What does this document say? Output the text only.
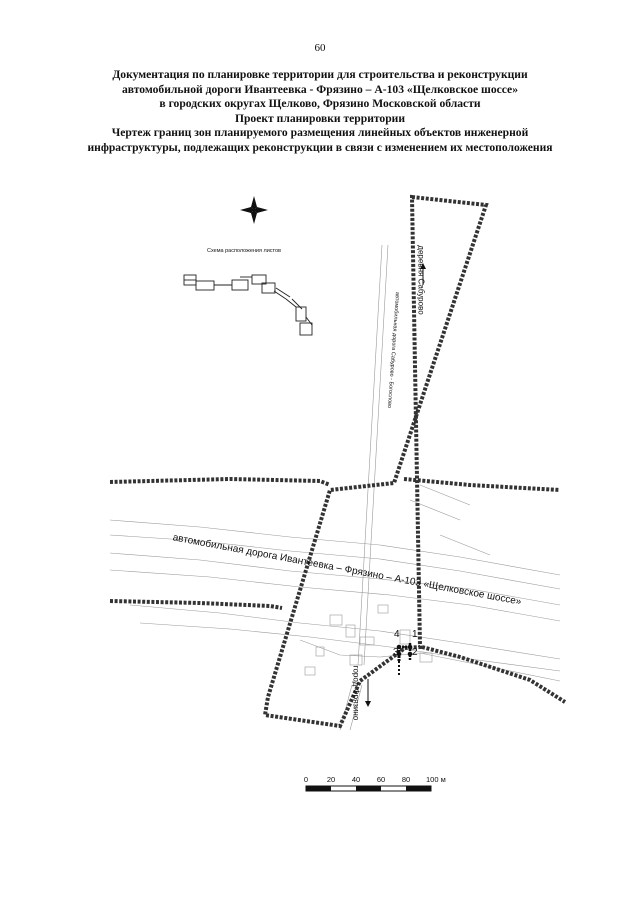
60
Документация по планировке территории для строительства и реконструкции
автомобильной дороги Ивантеевка - Фрязино – А-103 «Щелковское шоссе»
в городских округах Щелково, Фрязино Московской области
Проект планировки территории
Чертеж границ зон планируемого размещения линейных объектов инженерной
инфраструктуры, подлежащих реконструкции в связи с изменением их местоположения
Схема расположения листов	деревня Сабурово
автомобильная дорога Сабурово - Богослово
автомобильная дорога Ивантеевка – Фрязино – А-103 «Щелковское шоссе»
4 1
3 2
город Фрязино
0 20 40 60 80 100 м
